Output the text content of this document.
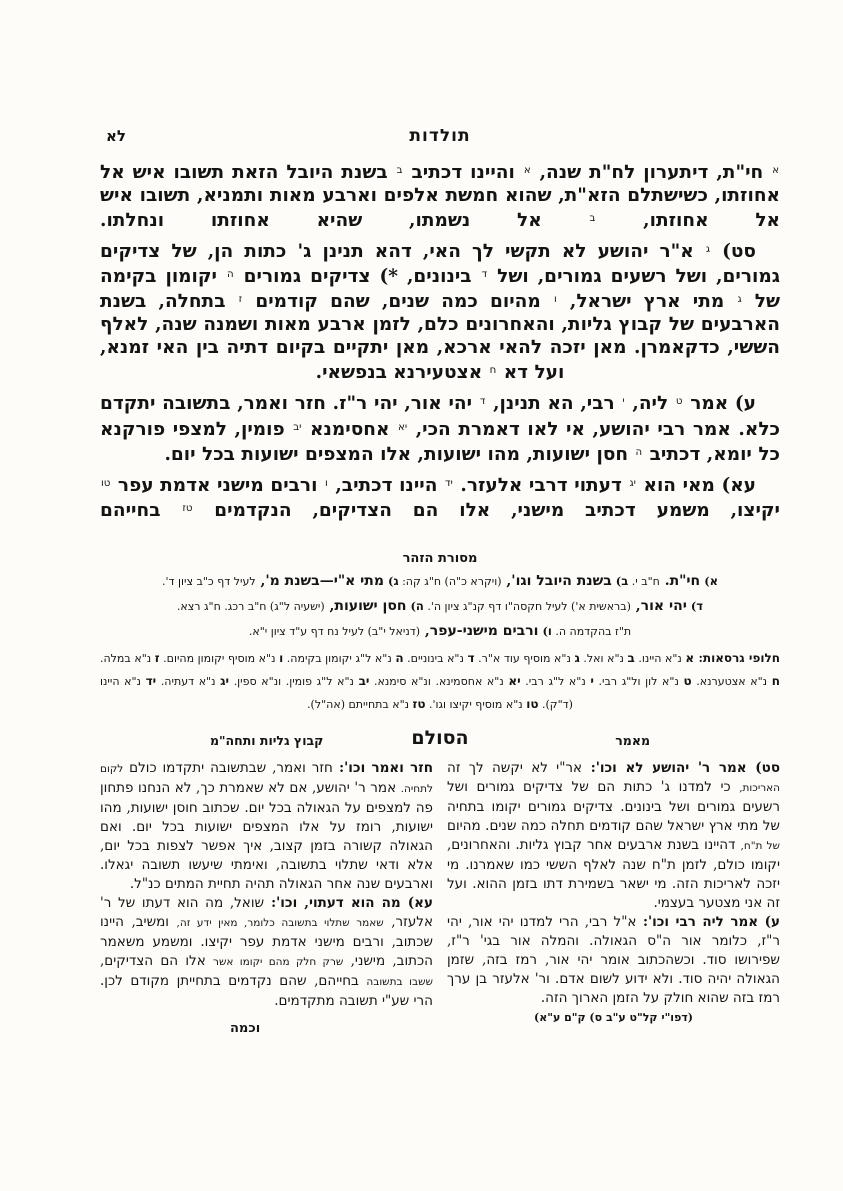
לא	תולדות

$^א$ חי"ת, דיתערון לח"ת שנה, $^א$ והיינו דכתיב $^ב$ בשנת היובל הזאת תשובו איש אל אחוזתו, כשישתלם הזא"ת, שהוא חמשת אלפים וארבע מאות ותמניא, תשובו איש אל אחוזתו, $^ב$ אל נשמתו, שהיא אחוזתו ונחלתו.

סט) $^ג$ א"ר יהושע לא תקשי לך האי, דהא תנינן ג' כתות הן, של צדיקים גמורים, ושל רשעים גמורים, ושל $^ד$ בינונים, *) צדיקים גמורים $^ה$ יקומון בקימה של $^ג$ מתי ארץ ישראל, $^ו$ מהיום כמה שנים, שהם קודמים $^ז$ בתחלה, בשנת הארבעים של קבוץ גליות, והאחרונים כלם, לזמן ארבע מאות ושמנה שנה, לאלף הששי, כדקאמרן. מאן יזכה להאי ארכא, מאן יתקיים בקיום דתיה בין האי זמנא, ועל דא $^ח$ אצטעירנא בנפשאי.

ע) אמר $^ט$ ליה, $^י$ רבי, הא תנינן, $^ד$ יהי אור, יהי ר"ז. חזר ואמר, בתשובה יתקדם כלא. אמר רבי יהושע, אי לאו דאמרת הכי, $^{יא}$ אחסימנא $^{יב}$ פומין, למצפי פורקנא כל יומא, דכתיב $^ה$ חסן ישועות, מהו ישועות, אלו המצפים ישועות בכל יום.

עא) מאי הוא $^{יג}$ דעתוי דרבי אלעזר. $^{יד}$ היינו דכתיב, $^ו$ ורבים מישני אדמת עפר $^{טו}$ יקיצו, משמע דכתיב מישני, אלו הם הצדיקים, הנקדמים $^{טז}$ בחייהם

מסורת הזהר
א) חי"ת. ח"ב י. ב) בשנת היובל וגו', (ויקרא כ"ה) ח"ג קה: ג) מתי א"י—בשנת מ', לעיל דף כ"ב ציון ד'.
ד) יהי אור, (בראשית א') לעיל חקסה"ו דף קנ"ג ציון ה'. ה) חסן ישועות, (ישעיה ל"ג) ח"ב רכג. ח"ג רצא.
ת"ז בהקדמה ה. ו) ורבים מישני-עפר, (דניאל י"ב) לעיל נח דף ע"ד ציון י"א.

חלופי גרסאות: א נ"א היינו. ב נ"א ואל. ג נ"א מוסיף עוד א"ר. ד נ"א בינוניים. ה נ"א ל"ג יקומון בקימה. ו נ"א מוסיף יקומון מהיום. ז נ"א במלה. ח נ"א אצטערנא. ט נ"א לון ול"ג רבי. י נ"א ל"ג רבי. יא נ"א אחסמינא. ונ"א סימנא. יב נ"א ל"ג פומין. ונ"א ספין. יג נ"א דעתיה. יד נ"א היינו (ד"ק). טו נ"א מוסיף יקיצו וגו'. טז נ"א בתחייתם (אה"ל).

מאמר
הסולם
קבוץ גליות ותחה"מ

סט) אמר ר' יהושע לא וכו': אר"י לא יקשה לך זה האריכות, כי למדנו ג' כתות הם של צדיקים גמורים ושל רשעים גמורים ושל בינונים. צדיקים גמורים יקומו בתחיה של מתי ארץ ישראל שהם קודמים תחלה כמה שנים. מהיום של ת"ח, דהיינו בשנת ארבעים אחר קבוץ גליות. והאחרונים, יקומו כולם, לזמן ת"ח שנה לאלף הששי כמו שאמרנו. מי יזכה לאריכות הזה. מי ישאר בשמירת דתו בזמן ההוא. ועל זה אני מצטער בעצמי.

ע) אמר ליה רבי וכו': א"ל רבי, הרי למדנו יהי אור, יהי ר"ז, כלומר אור ה"ס הגאולה. והמלה אור בגי' ר"ז, שפירושו סוד. וכשהכתוב אומר יהי אור, רמז בזה, שזמן הגאולה יהיה סוד. ולא ידוע לשום אדם. ור' אלעזר בן ערך רמז בזה שהוא חולק על הזמן הארוך הזה.

(דפו"י קל"ט ע"ב ס) ק"ם ע"א)

חזר ואמר וכו': חזר ואמר, שבתשובה יתקדמו כולם לקום לתחיה. אמר ר' יהושע, אם לא שאמרת כך, לא הנחנו פתחון פה למצפים על הגאולה בכל יום. שכתוב חוסן ישועות, מהו ישועות, רומז על אלו המצפים ישועות בכל יום. ואם הגאולה קשורה בזמן קצוב, איך אפשר לצפות בכל יום, אלא ודאי שתלוי בתשובה, ואימתי שיעשו תשובה יגאלו. וארבעים שנה אחר הגאולה תהיה תחיית המתים כנ"ל.

עא) מה הוא דעתוי, וכו': שואל, מה הוא דעתו של ר' אלעזר, שאמר שתלוי בתשובה כלומר, מאין ידע זה, ומשיב, היינו שכתוב, ורבים מישני אדמת עפר יקיצו. ומשמע משאמר הכתוב, מישני, שרק חלק מהם יקומו אשר אלו הם הצדיקים, ששבו בתשובה בחייהם, שהם נקדמים בתחייתן מקודם לכן. הרי שע"י תשובה מתקדמים.

וכמה
